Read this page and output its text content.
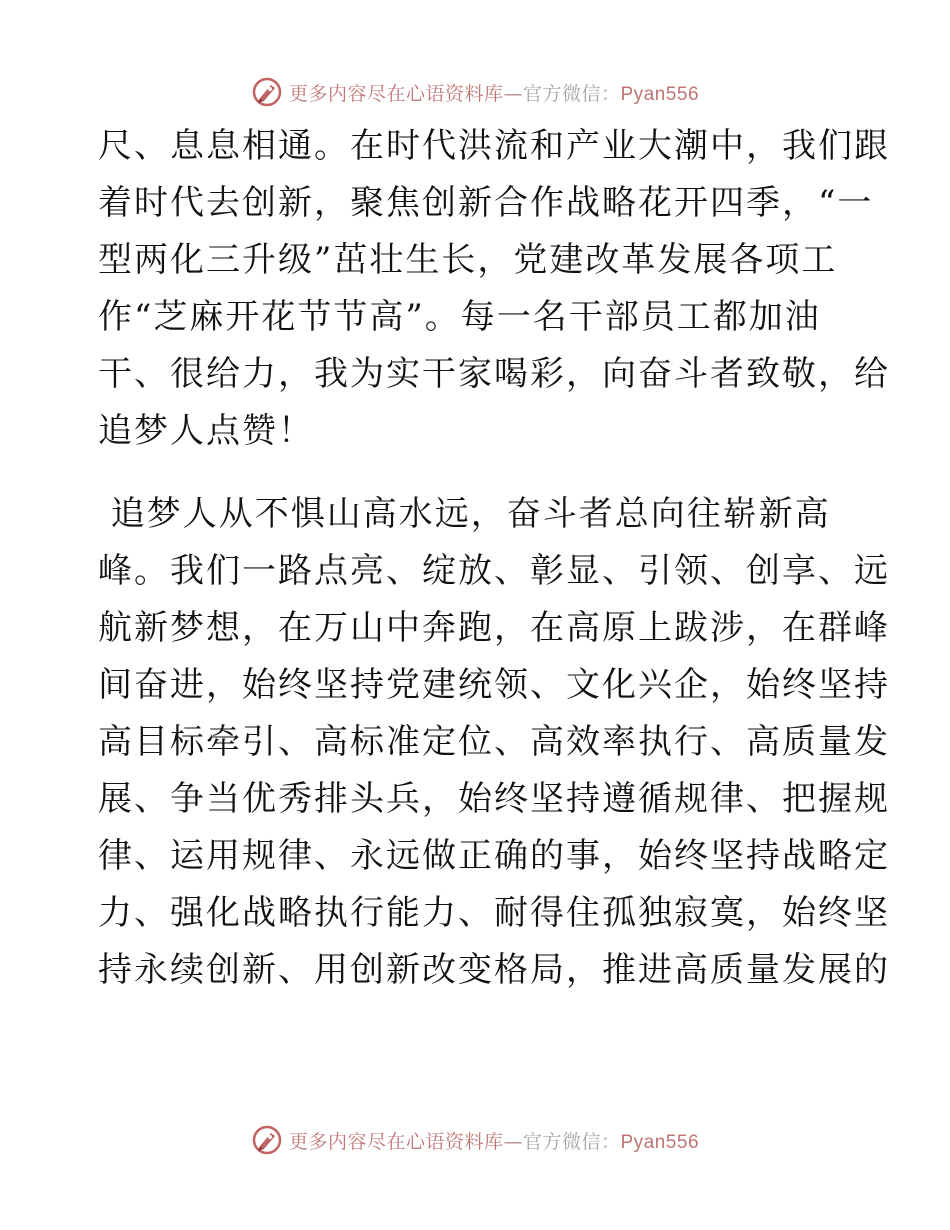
更多内容尽在心语资料库—官方微信：Pyan556
尺、息息相通。在时代洪流和产业大潮中，我们跟
着时代去创新，聚焦创新合作战略花开四季，“一
型两化三升级”茁壮生长，党建改革发展各项工
作“芝麻开花节节高”。每一名干部员工都加油
干、很给力，我为实干家喝彩，向奋斗者致敬，给
追梦人点赞！
追梦人从不惧山高水远，奋斗者总向往崭新高
峰。我们一路点亮、绽放、彰显、引领、创享、远
航新梦想，在万山中奔跑，在高原上跋涉，在群峰
间奋进，始终坚持党建统领、文化兴企，始终坚持
高目标牵引、高标准定位、高效率执行、高质量发
展、争当优秀排头兵，始终坚持遵循规律、把握规
律、运用规律、永远做正确的事，始终坚持战略定
力、强化战略执行能力、耐得住孤独寂寞，始终坚
持永续创新、用创新改变格局，推进高质量发展的
更多内容尽在心语资料库—官方微信：Pyan556
